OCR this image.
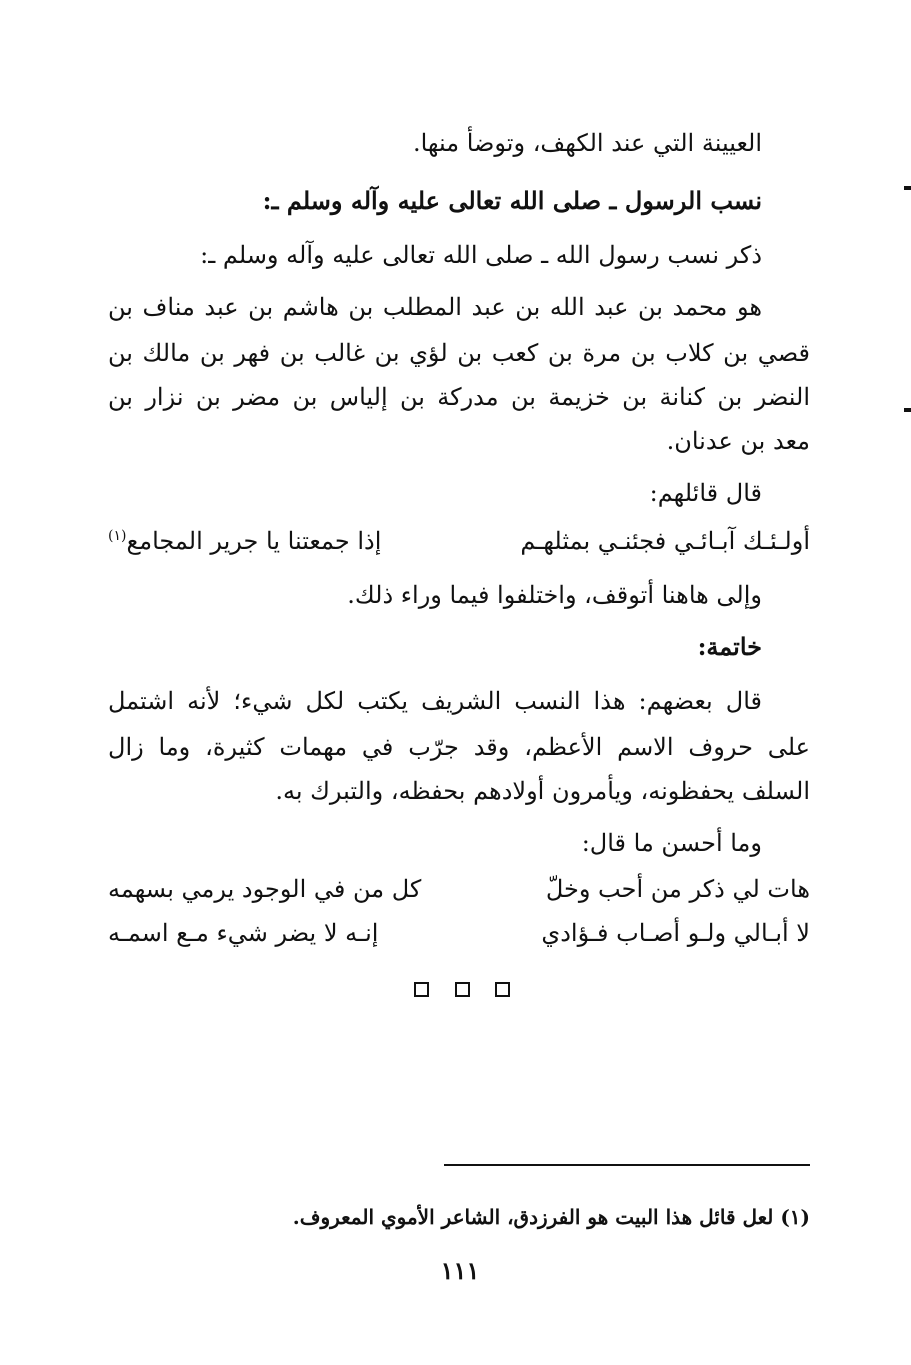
العيينة التي عند الكهف، وتوضأ منها.
نسب الرسول ـ صلى الله تعالى عليه وآله وسلم ـ:
ذكر نسب رسول الله ـ صلى الله تعالى عليه وآله وسلم ـ:
هو محمد بن عبد الله بن عبد المطلب بن هاشم بن عبد مناف بن
قصي بن كلاب بن مرة بن كعب بن لؤي بن غالب بن فهر بن مالك بن
النضر بن كنانة بن خزيمة بن مدركة بن إلياس بن مضر بن نزار بن
معد بن عدنان.
قال قائلهم:
أولـئـك آبـائـي فجئنـي بمثلهـم
إذا جمعتنا يا جرير المجامع$^{(١)}$
وإلى هاهنا أتوقف، واختلفوا فيما وراء ذلك.
خاتمة:
قال بعضهم: هذا النسب الشريف يكتب لكل شيء؛ لأنه اشتمل
على حروف الاسم الأعظم، وقد جرّب في مهمات كثيرة، وما زال
السلف يحفظونه، ويأمرون أولادهم بحفظه، والتبرك به.
وما أحسن ما قال:
هات لي ذكر من أحب وخلّ
كل من في الوجود يرمي بسهمه
لا أبـالي ولـو أصـاب فـؤادي
إنـه لا يضر شيء مـع اسمـه
(١) لعل قائل هذا البيت هو الفرزدق، الشاعر الأموي المعروف.
١١١
